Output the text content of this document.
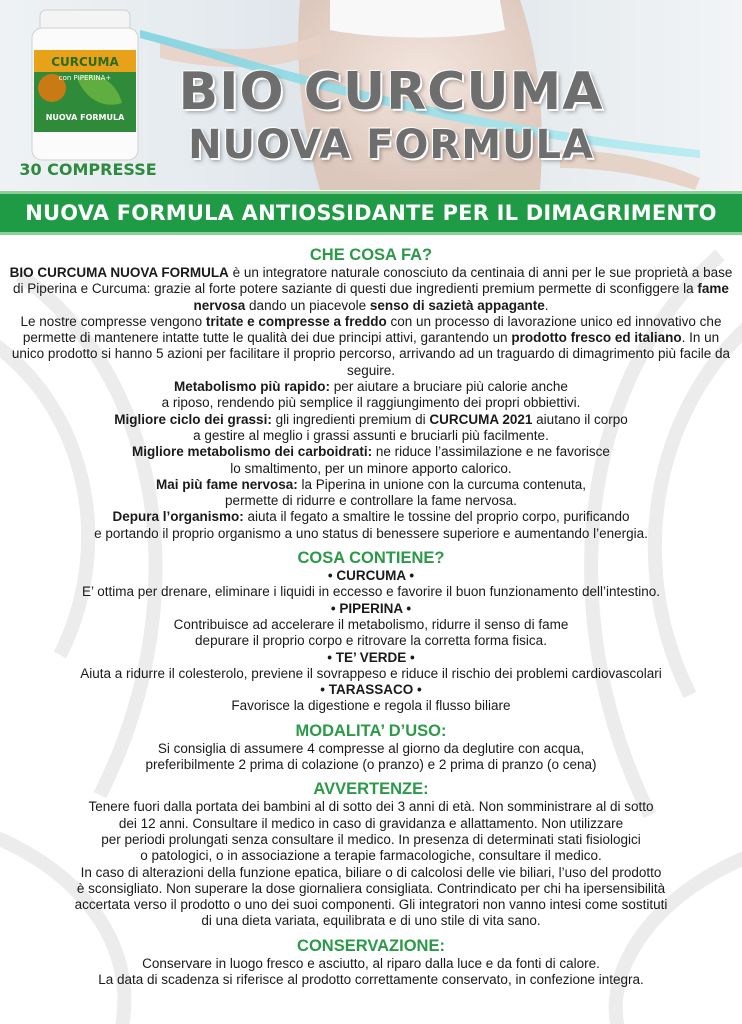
CURCUMA
con PIPERINA+
NUOVA FORMULA
30 COMPRESSE
BIO CURCUMA
NUOVA FORMULA
NUOVA FORMULA ANTIOSSIDANTE PER IL DIMAGRIMENTO
CHE COSA FA?

BIO CURCUMA NUOVA FORMULA è un integratore naturale conosciuto da centinaia di anni per le sue proprietà a base di Piperina e Curcuma: grazie al forte potere saziante di questi due ingredienti premium permette di sconfiggere la fame nervosa dando un piacevole senso di sazietà appagante.

Le nostre compresse vengono tritate e compresse a freddo con un processo di lavorazione unico ed innovativo che permette di mantenere intatte tutte le qualità dei due principi attivi, garantendo un prodotto fresco ed italiano. In un unico prodotto si hanno 5 azioni per facilitare il proprio percorso, arrivando ad un traguardo di dimagrimento più facile da seguire.

Metabolismo più rapido: per aiutare a bruciare più calorie anche

a riposo, rendendo più semplice il raggiungimento dei propri obbiettivi.

Migliore ciclo dei grassi: gli ingredienti premium di CURCUMA 2021 aiutano il corpo

a gestire al meglio i grassi assunti e bruciarli più facilmente.

Migliore metabolismo dei carboidrati: ne riduce l’assimilazione e ne favorisce

lo smaltimento, per un minore apporto calorico.

Mai più fame nervosa: la Piperina in unione con la curcuma contenuta,

permette di ridurre e controllare la fame nervosa.

Depura l’organismo: aiuta il fegato a smaltire le tossine del proprio corpo, purificando

e portando il proprio organismo a uno status di benessere superiore e aumentando l’energia.

COSA CONTIENE?

• CURCUMA •

E’ ottima per drenare, eliminare i liquidi in eccesso e favorire il buon funzionamento dell’intestino.

• PIPERINA •

Contribuisce ad accelerare il metabolismo, ridurre il senso di fame

depurare il proprio corpo e ritrovare la corretta forma fisica.

• TE’ VERDE •

Aiuta a ridurre il colesterolo, previene il sovrappeso e riduce il rischio dei problemi cardiovascolari

• TARASSACO •

Favorisce la digestione e regola il flusso biliare

MODALITA’ D’USO:

Si consiglia di assumere 4 compresse al giorno da deglutire con acqua,

preferibilmente 2 prima di colazione (o pranzo) e 2 prima di pranzo (o cena)

AVVERTENZE:

Tenere fuori dalla portata dei bambini al di sotto dei 3 anni di età. Non somministrare al di sotto

dei 12 anni. Consultare il medico in caso di gravidanza e allattamento. Non utilizzare

per periodi prolungati senza consultare il medico. In presenza di determinati stati fisiologici

o patologici, o in associazione a terapie farmacologiche, consultare il medico.

In caso di alterazioni della funzione epatica, biliare o di calcolosi delle vie biliari, l’uso del prodotto

è sconsigliato. Non superare la dose giornaliera consigliata. Contrindicato per chi ha ipersensibilità

accertata verso il prodotto o uno dei suoi componenti. Gli integratori non vanno intesi come sostituti

di una dieta variata, equilibrata e di uno stile di vita sano.

CONSERVAZIONE:

Conservare in luogo fresco e asciutto, al riparo dalla luce e da fonti di calore.

La data di scadenza si riferisce al prodotto correttamente conservato, in confezione integra.
